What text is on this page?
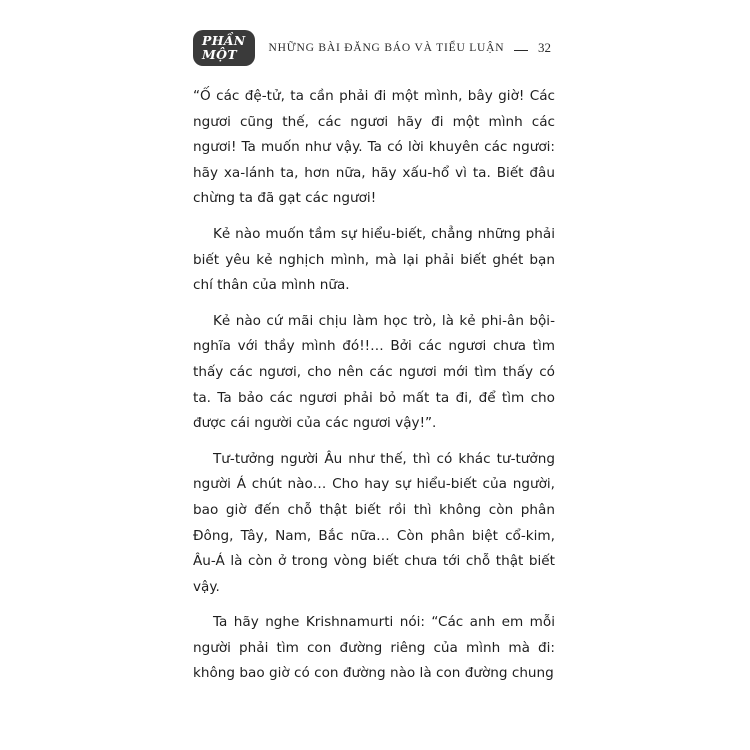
PHẦN MỘT	NHỮNG BÀI ĐĂNG BÁO VÀ TIỂU LUẬN	32

“Ố các đệ-tử, ta cần phải đi một mình, bây giờ! Các ngươi cũng thế, các ngươi hãy đi một mình các ngươi! Ta muốn như vậy. Ta có lời khuyên các ngươi: hãy xa-lánh ta, hơn nữa, hãy xấu-hổ vì ta. Biết đâu chừng ta đã gạt các ngươi!

Kẻ nào muốn tầm sự hiểu-biết, chẳng những phải biết yêu kẻ nghịch mình, mà lại phải biết ghét bạn chí thân của mình nữa.

Kẻ nào cứ mãi chịu làm học trò, là kẻ phi-ân bội-nghĩa với thầy mình đó!!… Bởi các ngươi chưa tìm thấy các ngươi, cho nên các ngươi mới tìm thấy có ta. Ta bảo các ngươi phải bỏ mất ta đi, để tìm cho được cái người của các ngươi vậy!”.

Tư-tưởng người Âu như thế, thì có khác tư-tưởng người Á chút nào… Cho hay sự hiểu-biết của người, bao giờ đến chỗ thật biết rồi thì không còn phân Đông, Tây, Nam, Bắc nữa… Còn phân biệt cổ-kim, Âu-Á là còn ở trong vòng biết chưa tới chỗ thật biết vậy.

Ta hãy nghe Krishnamurti nói: “Các anh em mỗi người phải tìm con đường riêng của mình mà đi: không bao giờ có con đường nào là con đường chung
